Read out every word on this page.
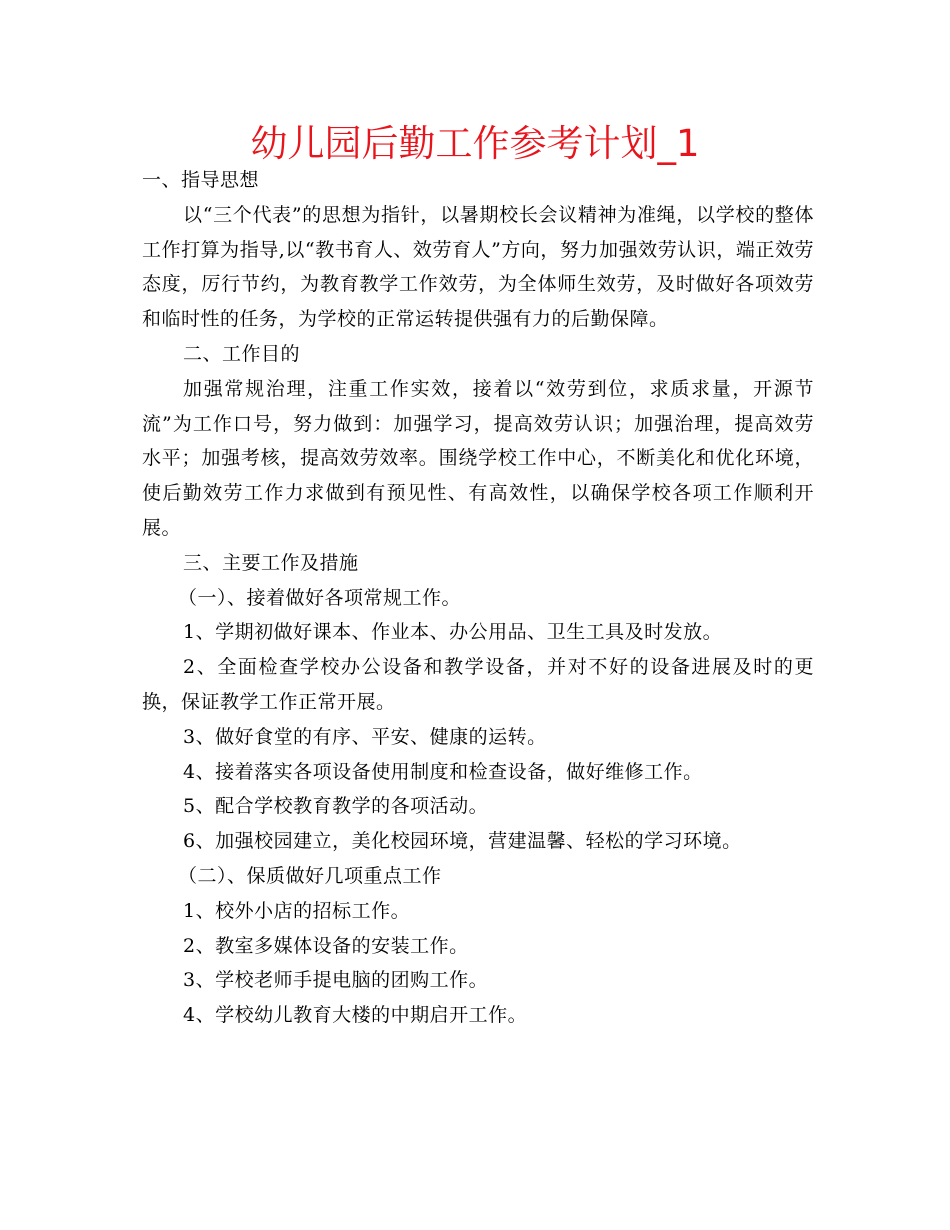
幼儿园后勤工作参考计划_1

一、指导思想

以“三个代表”的思想为指针，以暑期校长会议精神为准绳，以学校的整体工作打算为指导,以“教书育人、效劳育人”方向，努力加强效劳认识，端正效劳态度，厉行节约，为教育教学工作效劳，为全体师生效劳，及时做好各项效劳和临时性的任务，为学校的正常运转提供强有力的后勤保障。

二、工作目的

加强常规治理，注重工作实效，接着以“效劳到位，求质求量，开源节流”为工作口号，努力做到：加强学习，提高效劳认识；加强治理，提高效劳水平；加强考核，提高效劳效率。围绕学校工作中心，不断美化和优化环境，使后勤效劳工作力求做到有预见性、有高效性，以确保学校各项工作顺利开展。

三、主要工作及措施

（一）、接着做好各项常规工作。

1、学期初做好课本、作业本、办公用品、卫生工具及时发放。

2、全面检查学校办公设备和教学设备，并对不好的设备进展及时的更换，保证教学工作正常开展。

3、做好食堂的有序、平安、健康的运转。

4、接着落实各项设备使用制度和检查设备，做好维修工作。

5、配合学校教育教学的各项活动。

6、加强校园建立，美化校园环境，营建温馨、轻松的学习环境。

（二）、保质做好几项重点工作

1、校外小店的招标工作。

2、教室多媒体设备的安装工作。

3、学校老师手提电脑的团购工作。

4、学校幼儿教育大楼的中期启开工作。
